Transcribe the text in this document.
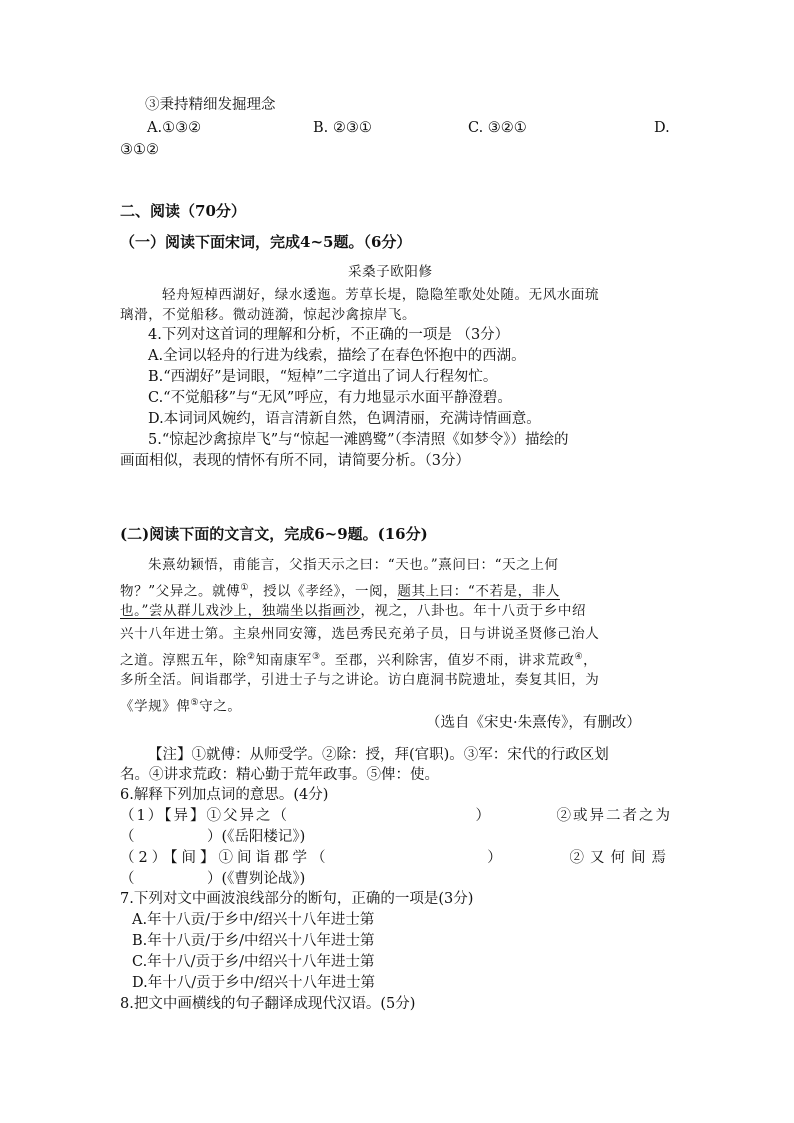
③秉持精细发掘理念
A.①③②	B. ②③①	C. ③②①	D.
③①②
二、阅读（70分）
（一）阅读下面宋词，完成4~5题。（6分）
采桑子欧阳修
轻舟短棹西湖好，绿水逶迤。芳草长堤，隐隐笙歌处处随。无风水面琉
璃滑，不觉船移。微动涟漪，惊起沙禽掠岸飞。
4.下列对这首词的理解和分析，不正确的一项是 （3分）
A.全词以轻舟的行进为线索，描绘了在春色怀抱中的西湖。
B.“西湖好”是词眼，“短棹”二字道出了词人行程匆忙。
C.“不觉船移”与“无风”呼应，有力地显示水面平静澄碧。
D.本词词风婉约，语言清新自然，色调清丽，充满诗情画意。
5.“惊起沙禽掠岸飞”与“惊起一滩鸥鹭”（李清照《如梦令》）描绘的
画面相似，表现的情怀有所不同，请简要分析。（3分）
(二)阅读下面的文言文，完成6~9题。(16分)
朱熹幼颖悟，甫能言，父指天示之曰：“天也。”熹问曰：“天之上何
物？”父异之。就傅①，授以《孝经》，一阅，题其上曰：“不若是，非人
也。”尝从群儿戏沙上，独端坐以指画沙，视之，八卦也。年十八贡于乡中绍
兴十八年进士第。主泉州同安簿，选邑秀民充弟子员，日与讲说圣贤修己治人
之道。淳熙五年，除②知南康军③。至郡，兴利除害，值岁不雨，讲求荒政④，
多所全活。间诣郡学，引进士子与之讲论。访白鹿洞书院遗址，奏复其旧，为
《学规》俾⑤守之。
（选自《宋史·朱熹传》，有删改）
【注】①就傅：从师受学。②除：授，拜(官职)。③军：宋代的行政区划
名。④讲求荒政：精心勤于荒年政事。⑤俾：使。
6.解释下列加点词的意思。(4分)
（1）【异】①父异之（	）	②或异二者之为
（　　　　　）(《岳阳楼记》)
（2）【间】①间诣郡学（	）	②又何间焉
（　　　　　）(《曹刿论战》)
7.下列对文中画波浪线部分的断句，正确的一项是(3分)
A.年十八贡/于乡中/绍兴十八年进士第
B.年十八贡/于乡/中绍兴十八年进士第
C.年十八/贡于乡/中绍兴十八年进士第
D.年十八/贡于乡中/绍兴十八年进士第
8.把文中画横线的句子翻译成现代汉语。(5分)
